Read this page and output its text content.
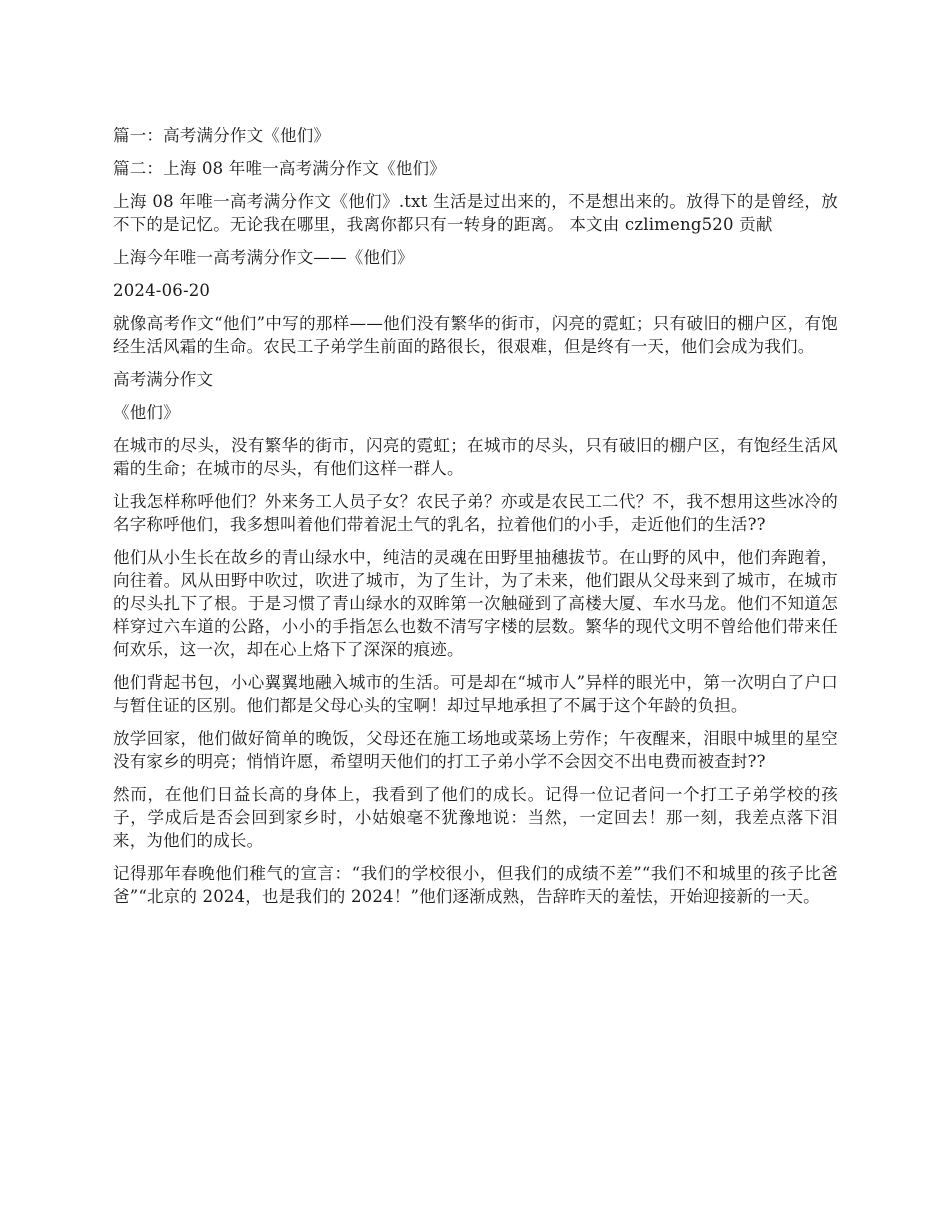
篇一：高考满分作文《他们》

篇二：上海 08 年唯一高考满分作文《他们》

上海 08 年唯一高考满分作文《他们》.txt 生活是过出来的，不是想出来的。放得下的是曾经，放不下的是记忆。无论我在哪里，我离你都只有一转身的距离。 本文由 czlimeng520 贡献

上海今年唯一高考满分作文——《他们》

2024-06-20

就像高考作文“他们”中写的那样——他们没有繁华的街市，闪亮的霓虹；只有破旧的棚户区，有饱经生活风霜的生命。农民工子弟学生前面的路很长，很艰难，但是终有一天，他们会成为我们。

高考满分作文

《他们》

在城市的尽头，没有繁华的街市，闪亮的霓虹；在城市的尽头，只有破旧的棚户区，有饱经生活风霜的生命；在城市的尽头，有他们这样一群人。

让我怎样称呼他们？外来务工人员子女？农民子弟？亦或是农民工二代？不，我不想用这些冰冷的名字称呼他们，我多想叫着他们带着泥土气的乳名，拉着他们的小手，走近他们的生活??

他们从小生长在故乡的青山绿水中，纯洁的灵魂在田野里抽穗拔节。在山野的风中，他们奔跑着，向往着。风从田野中吹过，吹进了城市，为了生计，为了未来，他们跟从父母来到了城市，在城市的尽头扎下了根。于是习惯了青山绿水的双眸第一次触碰到了高楼大厦、车水马龙。他们不知道怎样穿过六车道的公路，小小的手指怎么也数不清写字楼的层数。繁华的现代文明不曾给他们带来任何欢乐，这一次，却在心上烙下了深深的痕迹。

他们背起书包，小心翼翼地融入城市的生活。可是却在“城市人”异样的眼光中，第一次明白了户口与暂住证的区别。他们都是父母心头的宝啊！却过早地承担了不属于这个年龄的负担。

放学回家，他们做好简单的晚饭，父母还在施工场地或菜场上劳作；午夜醒来，泪眼中城里的星空没有家乡的明亮；悄悄许愿，希望明天他们的打工子弟小学不会因交不出电费而被查封??

然而，在他们日益长高的身体上，我看到了他们的成长。记得一位记者问一个打工子弟学校的孩子，学成后是否会回到家乡时，小姑娘毫不犹豫地说：当然，一定回去！那一刻，我差点落下泪来，为他们的成长。

记得那年春晚他们稚气的宣言：“我们的学校很小，但我们的成绩不差”“我们不和城里的孩子比爸爸”“北京的 2024，也是我们的 2024！”他们逐渐成熟，告辞昨天的羞怯，开始迎接新的一天。
